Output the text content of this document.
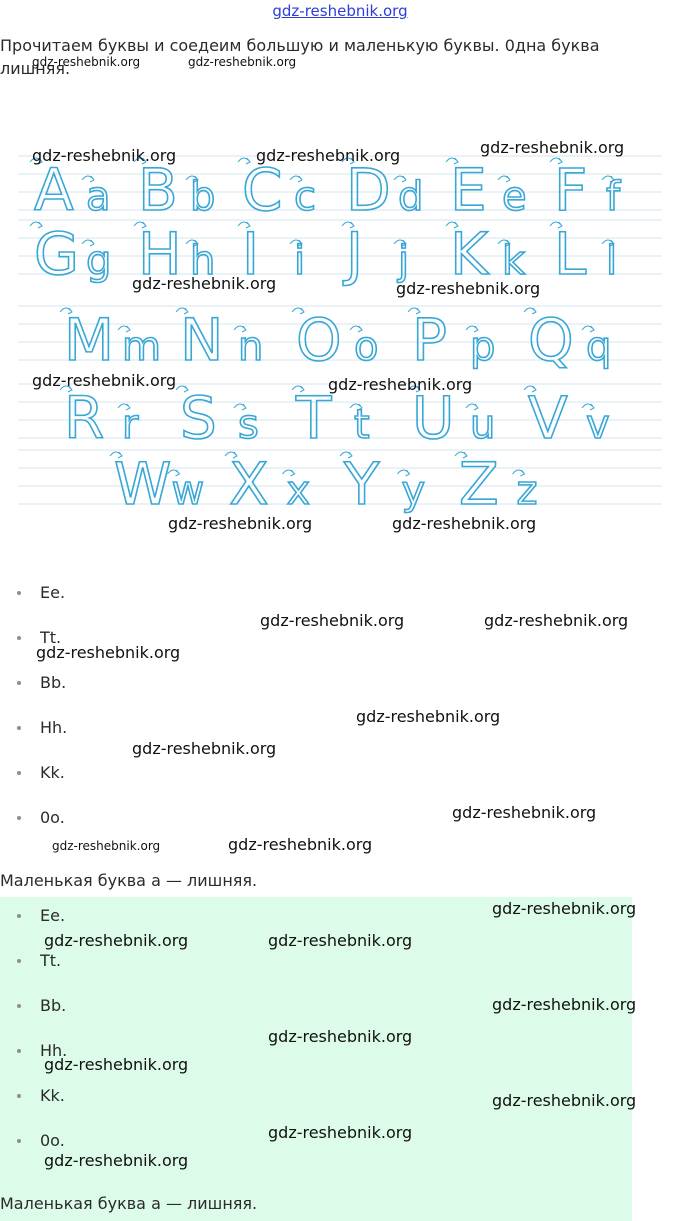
gdz-reshebnik.org
Прочитаем буквы и соедеим большую и маленькую буквы. 0дна буква лишняя.
A a B b C c D d E e F f
G g H h I i J j K k L l
M m N n O o P p Q q
R r S s T t U u V v
W w X x Y y Z z
Ee.
Tt.
Bb.
Hh.
Kk.
0o.
Маленькая буква а — лишняя.
Ee.
Tt.
Bb.
Hh.
Kk.
0o.
Маленькая буква а — лишняя.
gdz-reshebnik.org	gdz-reshebnik.org
gdz-reshebnik.org	gdz-reshebnik.org	gdz-reshebnik.org
gdz-reshebnik.org	gdz-reshebnik.org
gdz-reshebnik.org	gdz-reshebnik.org
gdz-reshebnik.org	gdz-reshebnik.org
gdz-reshebnik.org	gdz-reshebnik.org
gdz-reshebnik.org
gdz-reshebnik.org
gdz-reshebnik.org
gdz-reshebnik.org
gdz-reshebnik.org	gdz-reshebnik.org
gdz-reshebnik.org
gdz-reshebnik.org	gdz-reshebnik.org
gdz-reshebnik.org
gdz-reshebnik.org
gdz-reshebnik.org
gdz-reshebnik.org
gdz-reshebnik.org
gdz-reshebnik.org
